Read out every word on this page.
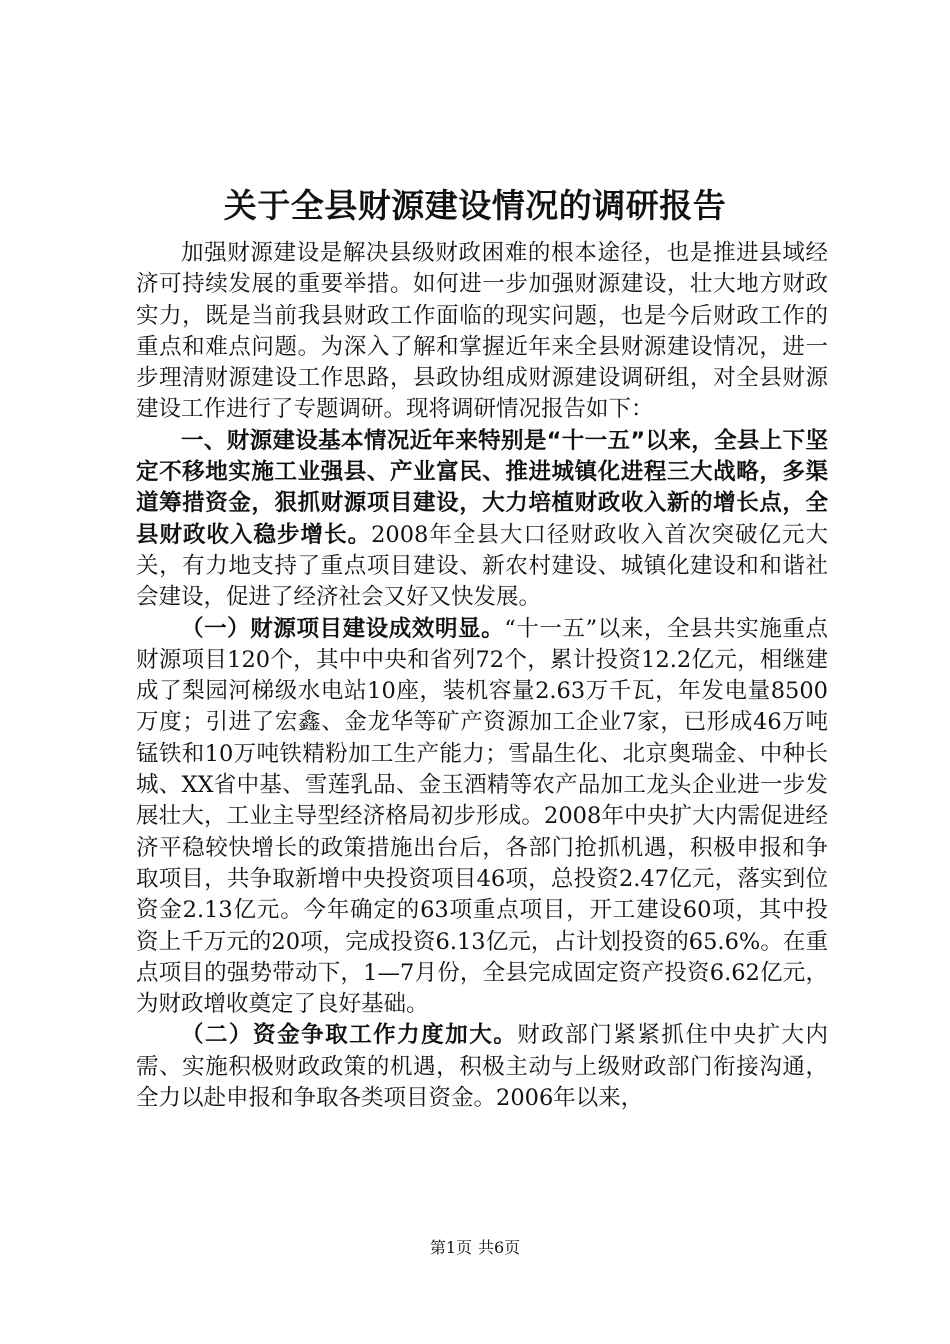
关于全县财源建设情况的调研报告

加强财源建设是解决县级财政困难的根本途径，也是推进县域经济可持续发展的重要举措。如何进一步加强财源建设，壮大地方财政实力，既是当前我县财政工作面临的现实问题，也是今后财政工作的重点和难点问题。为深入了解和掌握近年来全县财源建设情况，进一步理清财源建设工作思路，县政协组成财源建设调研组，对全县财源建设工作进行了专题调研。现将调研情况报告如下：

一、财源建设基本情况近年来特别是“十一五”以来，全县上下坚定不移地实施工业强县、产业富民、推进城镇化进程三大战略，多渠道筹措资金，狠抓财源项目建设，大力培植财政收入新的增长点，全县财政收入稳步增长。2008年全县大口径财政收入首次突破亿元大关，有力地支持了重点项目建设、新农村建设、城镇化建设和和谐社会建设，促进了经济社会又好又快发展。

（一）财源项目建设成效明显。“十一五”以来，全县共实施重点财源项目120个，其中中央和省列72个，累计投资12.2亿元，相继建成了梨园河梯级水电站10座，装机容量2.63万千瓦，年发电量8500万度；引进了宏鑫、金龙华等矿产资源加工企业7家，已形成46万吨锰铁和10万吨铁精粉加工生产能力；雪晶生化、北京奥瑞金、中种长城、XX省中基、雪莲乳品、金玉酒精等农产品加工龙头企业进一步发展壮大，工业主导型经济格局初步形成。2008年中央扩大内需促进经济平稳较快增长的政策措施出台后，各部门抢抓机遇，积极申报和争取项目，共争取新增中央投资项目46项，总投资2.47亿元，落实到位资金2.13亿元。今年确定的63项重点项目，开工建设60项，其中投资上千万元的20项，完成投资6.13亿元，占计划投资的65.6%。在重点项目的强势带动下，1—7月份，全县完成固定资产投资6.62亿元，为财政增收奠定了良好基础。

（二）资金争取工作力度加大。财政部门紧紧抓住中央扩大内需、实施积极财政政策的机遇，积极主动与上级财政部门衔接沟通，全力以赴申报和争取各类项目资金。2006年以来，

第1页 共6页
